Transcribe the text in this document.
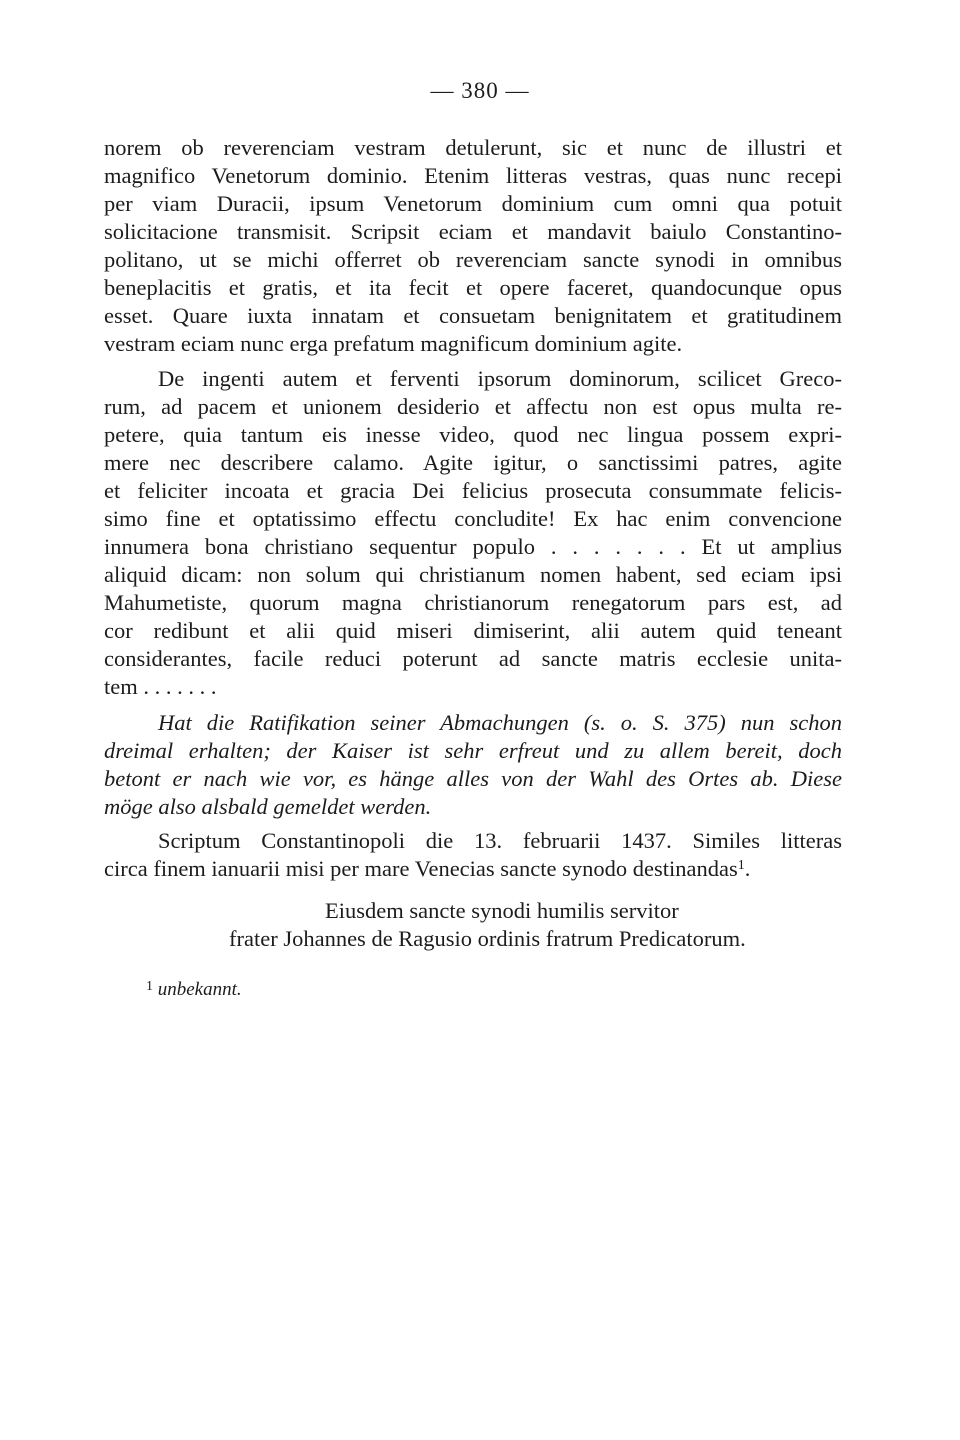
— 380 —
norem ob reverenciam vestram detulerunt, sic et nunc de illustri et
magnifico Venetorum dominio. Etenim litteras vestras, quas nunc recepi
per viam Duracii, ipsum Venetorum dominium cum omni qua potuit
solicitacione transmisit. Scripsit eciam et mandavit baiulo Constantino-
politano, ut se michi offerret ob reverenciam sancte synodi in omnibus
beneplacitis et gratis, et ita fecit et opere faceret, quandocunque opus
esset. Quare iuxta innatam et consuetam benignitatem et gratitudinem
vestram eciam nunc erga prefatum magnificum dominium agite.
De ingenti autem et ferventi ipsorum dominorum, scilicet Greco-
rum, ad pacem et unionem desiderio et affectu non est opus multa re-
petere, quia tantum eis inesse video, quod nec lingua possem expri-
mere nec describere calamo. Agite igitur, o sanctissimi patres, agite
et feliciter incoata et gracia Dei felicius prosecuta consummate felicis-
simo fine et optatissimo effectu concludite! Ex hac enim convencione
innumera bona christiano sequentur populo . . . . . . . Et ut amplius
aliquid dicam: non solum qui christianum nomen habent, sed eciam ipsi
Mahumetiste, quorum magna christianorum renegatorum pars est, ad
cor redibunt et alii quid miseri dimiserint, alii autem quid teneant
considerantes, facile reduci poterunt ad sancte matris ecclesie unita-
tem . . . . . . .
Hat die Ratifikation seiner Abmachungen (s. o. S. 375) nun schon
dreimal erhalten; der Kaiser ist sehr erfreut und zu allem bereit, doch
betont er nach wie vor, es hänge alles von der Wahl des Ortes ab. Diese
möge also alsbald gemeldet werden.
Scriptum Constantinopoli die 13. februarii 1437. Similes litteras
circa finem ianuarii misi per mare Venecias sancte synodo destinandas$^1$.
Eiusdem sancte synodi humilis servitor
frater Johannes de Ragusio ordinis fratrum Predicatorum.
$^1$ unbekannt.
